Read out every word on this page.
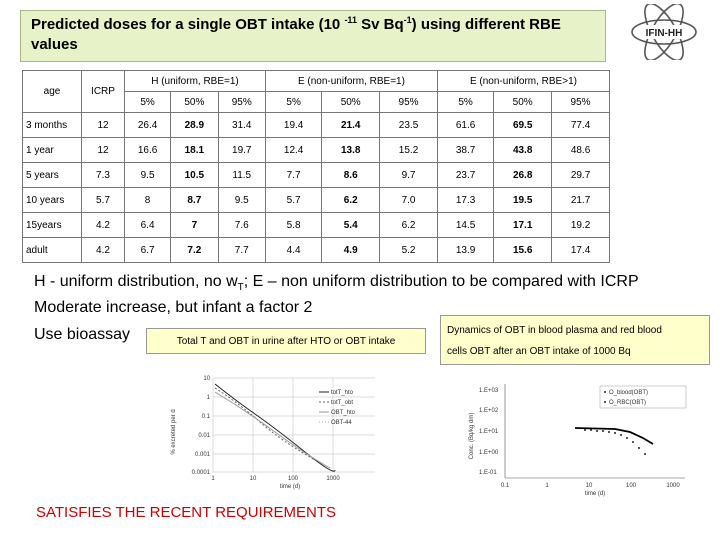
Predicted doses for a single OBT intake (10 $^{-11}$ Sv $Bq^{-1}$) using different RBE
values
IFIN-HH
age	ICRP	H (uniform, RBE=1)			E (non-uniform, RBE=1)			E (non-uniform, RBE>1)		
		5%	50%	95%	5%	50%	95%	5%	50%	95%
3 months	12	26.4	28.9	31.4	19.4	21.4	23.5	61.6	69.5	77.4
1 year	12	16.6	18.1	19.7	12.4	13.8	15.2	38.7	43.8	48.6
5 years	7.3	9.5	10.5	11.5	7.7	8.6	9.7	23.7	26.8	29.7
10 years	5.7	8	8.7	9.5	5.7	6.2	7.0	17.3	19.5	21.7
15years	4.2	6.4	7	7.6	5.8	5.4	6.2	14.5	17.1	19.2
adult	4.2	6.7	7.2	7.7	4.4	4.9	5.2	13.9	15.6	17.4
H - uniform distribution, no $w_T$; E – non uniform distribution to be compared with ICRP
Moderate increase, but infant a factor 2
Use bioassay	Total T and OBT in urine after HTO or OBT intake
Dynamics of OBT in blood plasma and red blood
cells OBT after an OBT intake of 1000 Bq
% excreted per d
10
1
0.1
0.01
0.001
0.0001
1	10	100	1000
time (d)
totT_hto
totT_obt
OBT_hto
OBT-44	Conc. (Bq/kg dm)
1.E+03
1.E+02
1.E+01
1.E+00
1.E-01
O_blood(OBT)
O_RBC(OBT)
0.1	1	10	100	1000
time (d)
SATISFIES THE RECENT REQUIREMENTS
